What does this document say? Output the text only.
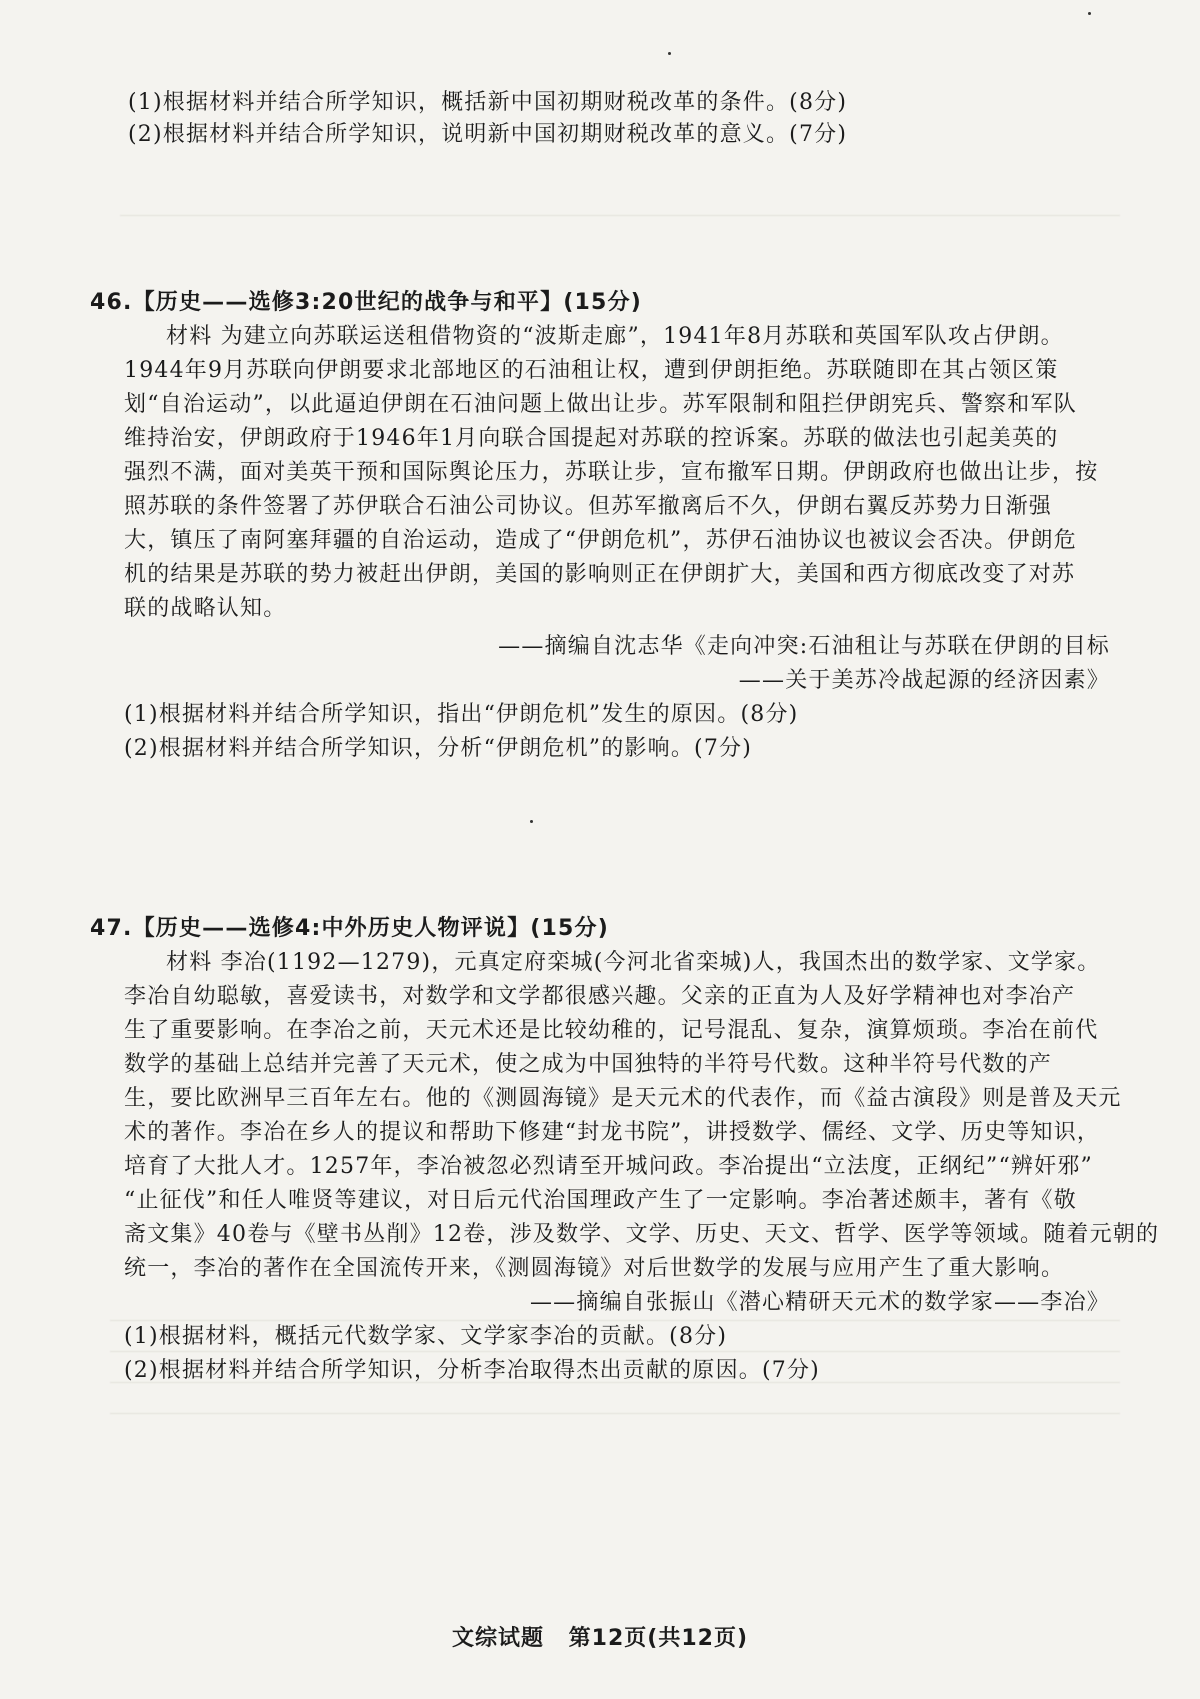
(1)根据材料并结合所学知识，概括新中国初期财税改革的条件。(8分)
(2)根据材料并结合所学知识，说明新中国初期财税改革的意义。(7分)
46.【历史——选修3:20世纪的战争与和平】(15分)
材料 为建立向苏联运送租借物资的“波斯走廊”，1941年8月苏联和英国军队攻占伊朗。
1944年9月苏联向伊朗要求北部地区的石油租让权，遭到伊朗拒绝。苏联随即在其占领区策
划“自治运动”，以此逼迫伊朗在石油问题上做出让步。苏军限制和阻拦伊朗宪兵、警察和军队
维持治安，伊朗政府于1946年1月向联合国提起对苏联的控诉案。苏联的做法也引起美英的
强烈不满，面对美英干预和国际舆论压力，苏联让步，宣布撤军日期。伊朗政府也做出让步，按
照苏联的条件签署了苏伊联合石油公司协议。但苏军撤离后不久，伊朗右翼反苏势力日渐强
大，镇压了南阿塞拜疆的自治运动，造成了“伊朗危机”，苏伊石油协议也被议会否决。伊朗危
机的结果是苏联的势力被赶出伊朗，美国的影响则正在伊朗扩大，美国和西方彻底改变了对苏
联的战略认知。
——摘编自沈志华《走向冲突:石油租让与苏联在伊朗的目标
——关于美苏冷战起源的经济因素》
(1)根据材料并结合所学知识，指出“伊朗危机”发生的原因。(8分)
(2)根据材料并结合所学知识，分析“伊朗危机”的影响。(7分)
47.【历史——选修4:中外历史人物评说】(15分)
材料 李冶(1192—1279)，元真定府栾城(今河北省栾城)人，我国杰出的数学家、文学家。
李冶自幼聪敏，喜爱读书，对数学和文学都很感兴趣。父亲的正直为人及好学精神也对李冶产
生了重要影响。在李冶之前，天元术还是比较幼稚的，记号混乱、复杂，演算烦琐。李冶在前代
数学的基础上总结并完善了天元术，使之成为中国独特的半符号代数。这种半符号代数的产
生，要比欧洲早三百年左右。他的《测圆海镜》是天元术的代表作，而《益古演段》则是普及天元
术的著作。李冶在乡人的提议和帮助下修建“封龙书院”，讲授数学、儒经、文学、历史等知识，
培育了大批人才。1257年，李冶被忽必烈请至开城问政。李冶提出“立法度，正纲纪”“辨奸邪”
“止征伐”和任人唯贤等建议，对日后元代治国理政产生了一定影响。李冶著述颇丰，著有《敬
斋文集》40卷与《壁书丛削》12卷，涉及数学、文学、历史、天文、哲学、医学等领域。随着元朝的
统一，李冶的著作在全国流传开来，《测圆海镜》对后世数学的发展与应用产生了重大影响。
——摘编自张振山《潜心精研天元术的数学家——李冶》
(1)根据材料，概括元代数学家、文学家李冶的贡献。(8分)
(2)根据材料并结合所学知识，分析李冶取得杰出贡献的原因。(7分)
文综试题 第12页(共12页)
